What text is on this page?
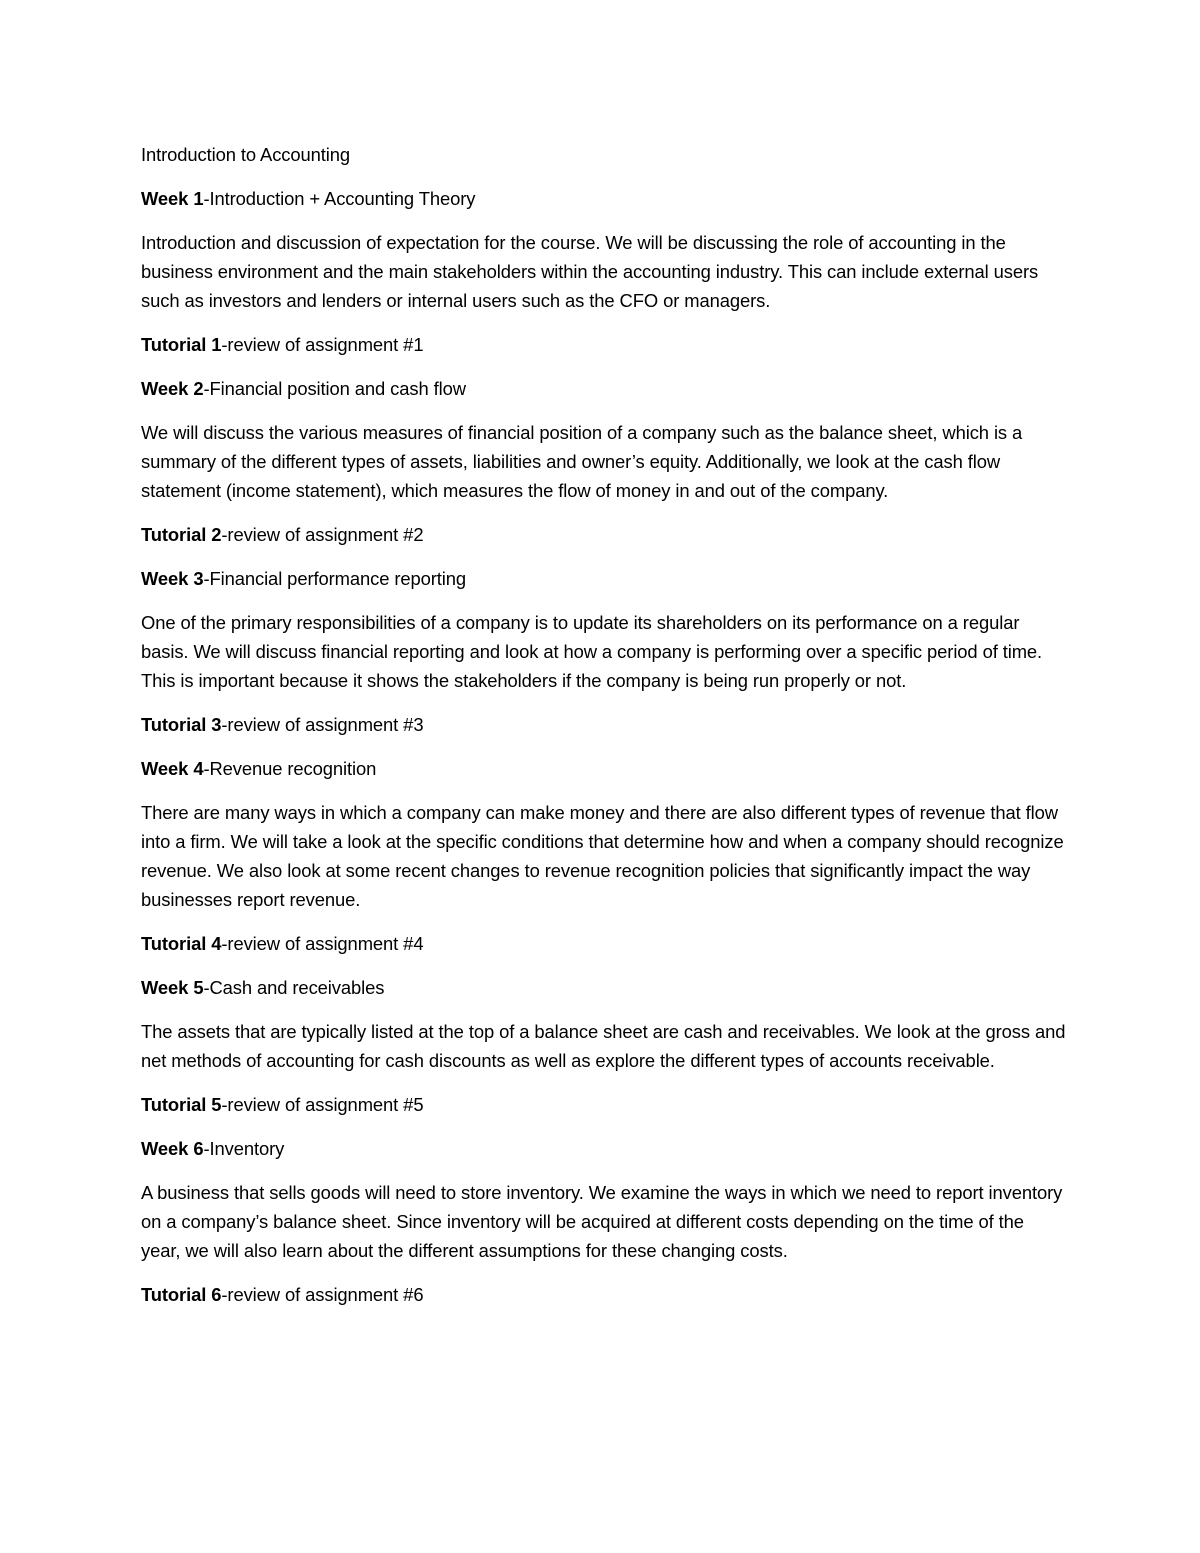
Introduction to Accounting

Week 1-Introduction + Accounting Theory

Introduction and discussion of expectation for the course. We will be discussing the role of accounting in the business environment and the main stakeholders within the accounting industry. This can include external users such as investors and lenders or internal users such as the CFO or managers.

Tutorial 1-review of assignment #1

Week 2-Financial position and cash flow

We will discuss the various measures of financial position of a company such as the balance sheet, which is a summary of the different types of assets, liabilities and owner’s equity. Additionally, we look at the cash flow statement (income statement), which measures the flow of money in and out of the company.

Tutorial 2-review of assignment #2

Week 3-Financial performance reporting

One of the primary responsibilities of a company is to update its shareholders on its performance on a regular basis. We will discuss financial reporting and look at how a company is performing over a specific period of time. This is important because it shows the stakeholders if the company is being run properly or not.

Tutorial 3-review of assignment #3

Week 4-Revenue recognition

There are many ways in which a company can make money and there are also different types of revenue that flow into a firm. We will take a look at the specific conditions that determine how and when a company should recognize revenue. We also look at some recent changes to revenue recognition policies that significantly impact the way businesses report revenue.

Tutorial 4-review of assignment #4

Week 5-Cash and receivables

The assets that are typically listed at the top of a balance sheet are cash and receivables. We look at the gross and net methods of accounting for cash discounts as well as explore the different types of accounts receivable.

Tutorial 5-review of assignment #5

Week 6-Inventory

A business that sells goods will need to store inventory. We examine the ways in which we need to report inventory on a company’s balance sheet. Since inventory will be acquired at different costs depending on the time of the year, we will also learn about the different assumptions for these changing costs.

Tutorial 6-review of assignment #6
